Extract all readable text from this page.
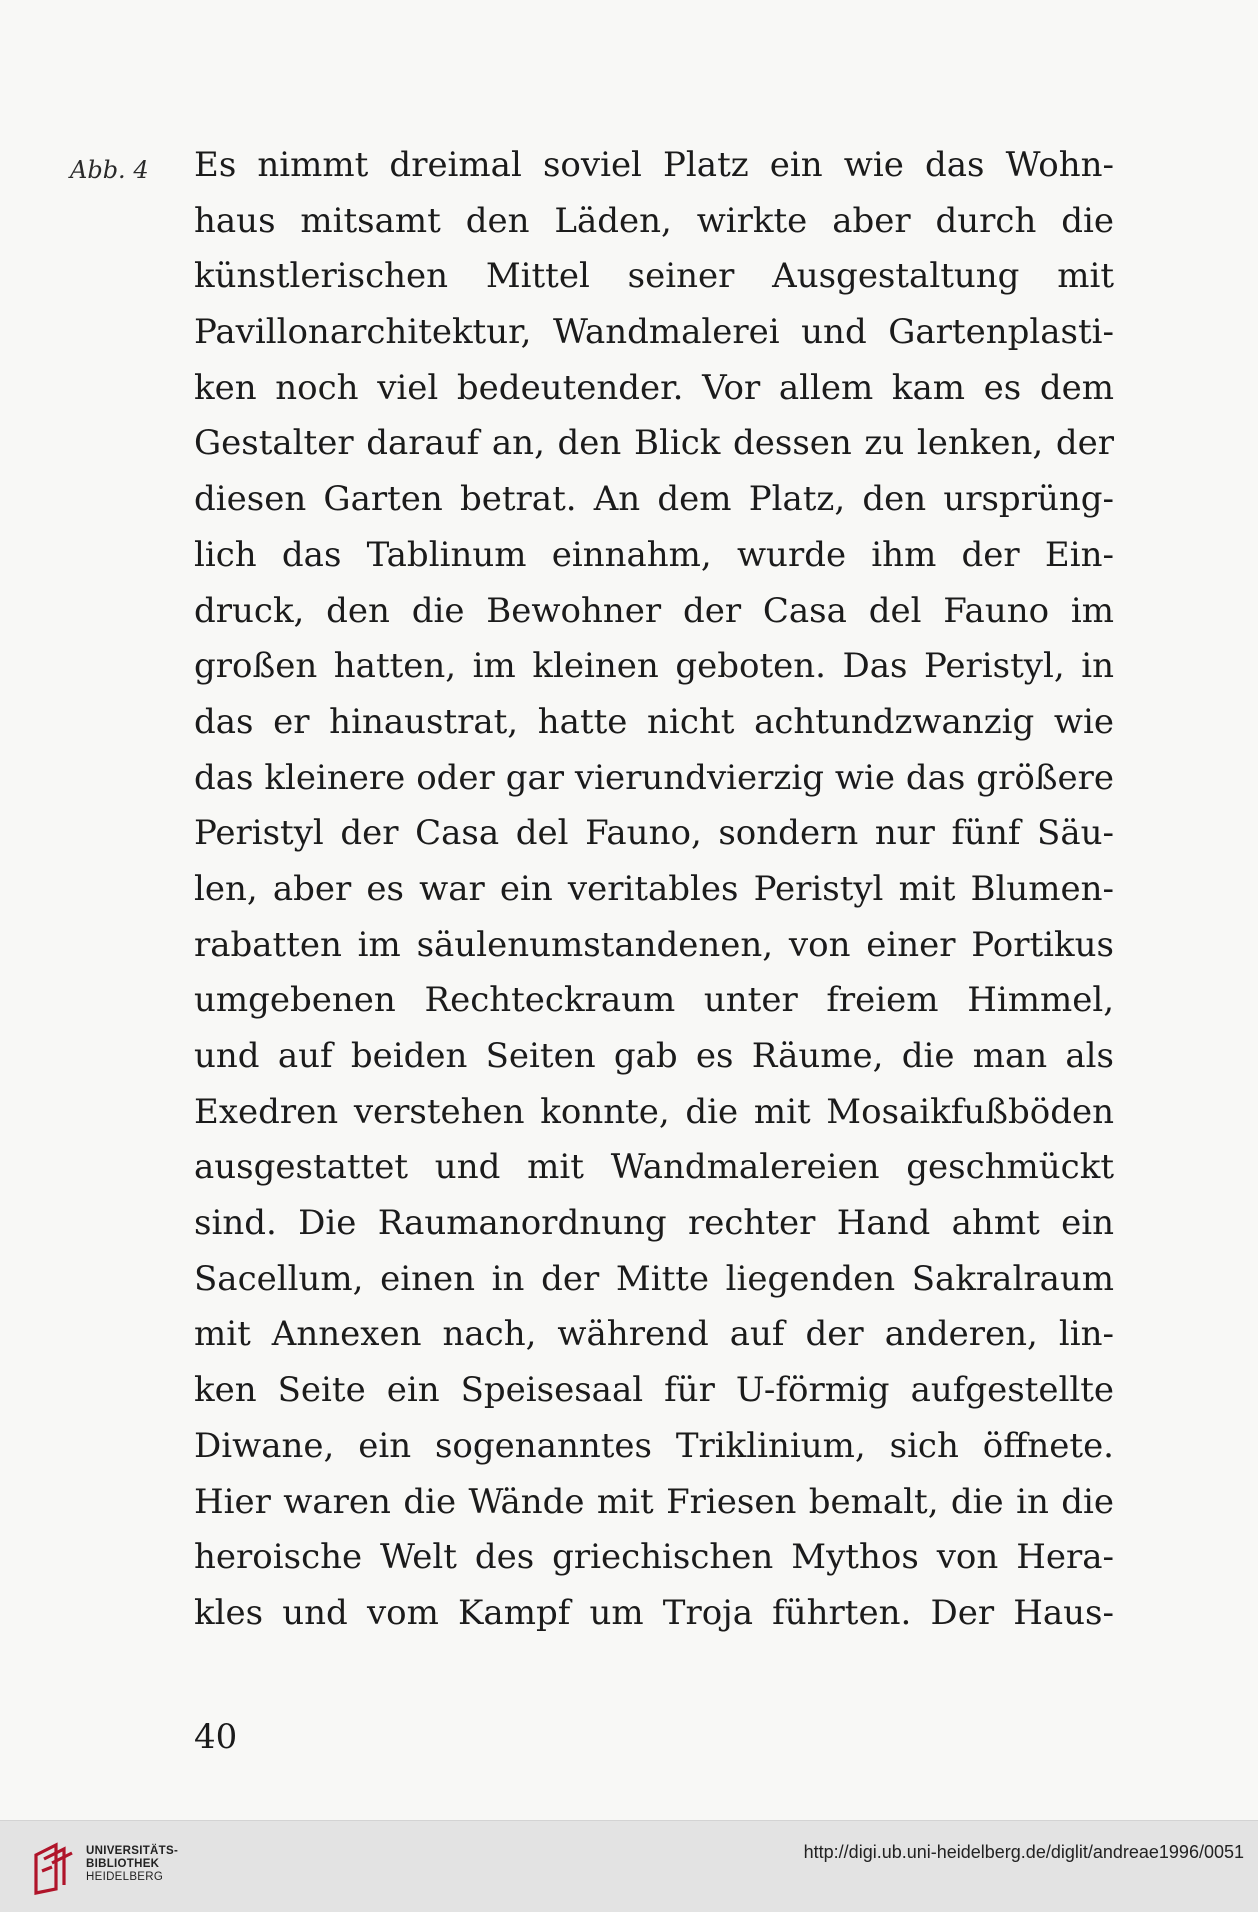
Abb. 4 Es nimmt dreimal soviel Platz ein wie das Wohn-
haus mitsamt den Läden, wirkte aber durch die
künstlerischen Mittel seiner Ausgestaltung mit
Pavillonarchitektur, Wandmalerei und Gartenplasti-
ken noch viel bedeutender. Vor allem kam es dem
Gestalter darauf an, den Blick dessen zu lenken, der
diesen Garten betrat. An dem Platz, den ursprüng-
lich das Tablinum einnahm, wurde ihm der Ein-
druck, den die Bewohner der Casa del Fauno im
großen hatten, im kleinen geboten. Das Peristyl, in
das er hinaustrat, hatte nicht achtundzwanzig wie
das kleinere oder gar vierundvierzig wie das größere
Peristyl der Casa del Fauno, sondern nur fünf Säu-
len, aber es war ein veritables Peristyl mit Blumen-
rabatten im säulenumstandenen, von einer Portikus
umgebenen Rechteckraum unter freiem Himmel,
und auf beiden Seiten gab es Räume, die man als
Exedren verstehen konnte, die mit Mosaikfußböden
ausgestattet und mit Wandmalereien geschmückt
sind. Die Raumanordnung rechter Hand ahmt ein
Sacellum, einen in der Mitte liegenden Sakralraum
mit Annexen nach, während auf der anderen, lin-
ken Seite ein Speisesaal für U-förmig aufgestellte
Diwane, ein sogenanntes Triklinium, sich öffnete.
Hier waren die Wände mit Friesen bemalt, die in die
heroische Welt des griechischen Mythos von Hera-
kles und vom Kampf um Troja führten. Der Haus-
40
UNIVERSITÄTS-
BIBLIOTHEK
HEIDELBERG
http://digi.ub.uni-heidelberg.de/diglit/andreae1996/0051
